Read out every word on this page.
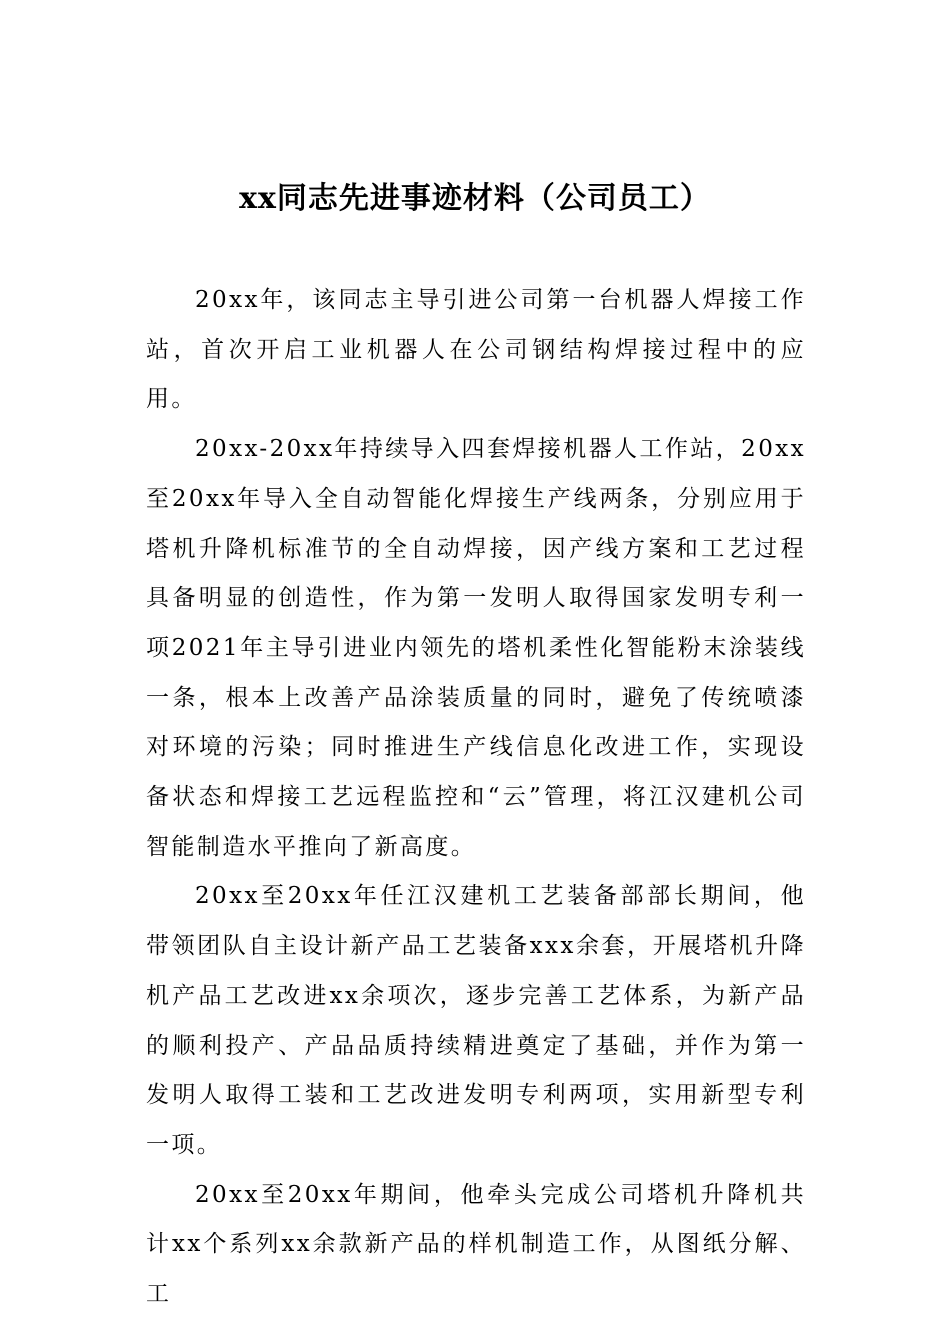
xx同志先进事迹材料（公司员工）

20xx年，该同志主导引进公司第一台机器人焊接工作站，首次开启工业机器人在公司钢结构焊接过程中的应用。

20xx-20xx年持续导入四套焊接机器人工作站，20xx至20xx年导入全自动智能化焊接生产线两条，分别应用于塔机升降机标准节的全自动焊接，因产线方案和工艺过程具备明显的创造性，作为第一发明人取得国家发明专利一项2021年主导引进业内领先的塔机柔性化智能粉末涂装线一条，根本上改善产品涂装质量的同时，避免了传统喷漆对环境的污染；同时推进生产线信息化改进工作，实现设备状态和焊接工艺远程监控和“云”管理，将江汉建机公司智能制造水平推向了新高度。

20xx至20xx年任江汉建机工艺装备部部长期间，他带领团队自主设计新产品工艺装备xxx余套，开展塔机升降机产品工艺改进xx余项次，逐步完善工艺体系，为新产品的顺利投产、产品品质持续精进奠定了基础，并作为第一发明人取得工装和工艺改进发明专利两项，实用新型专利一项。

20xx至20xx年期间，他牵头完成公司塔机升降机共计xx个系列xx余款新产品的样机制造工作，从图纸分解、工
